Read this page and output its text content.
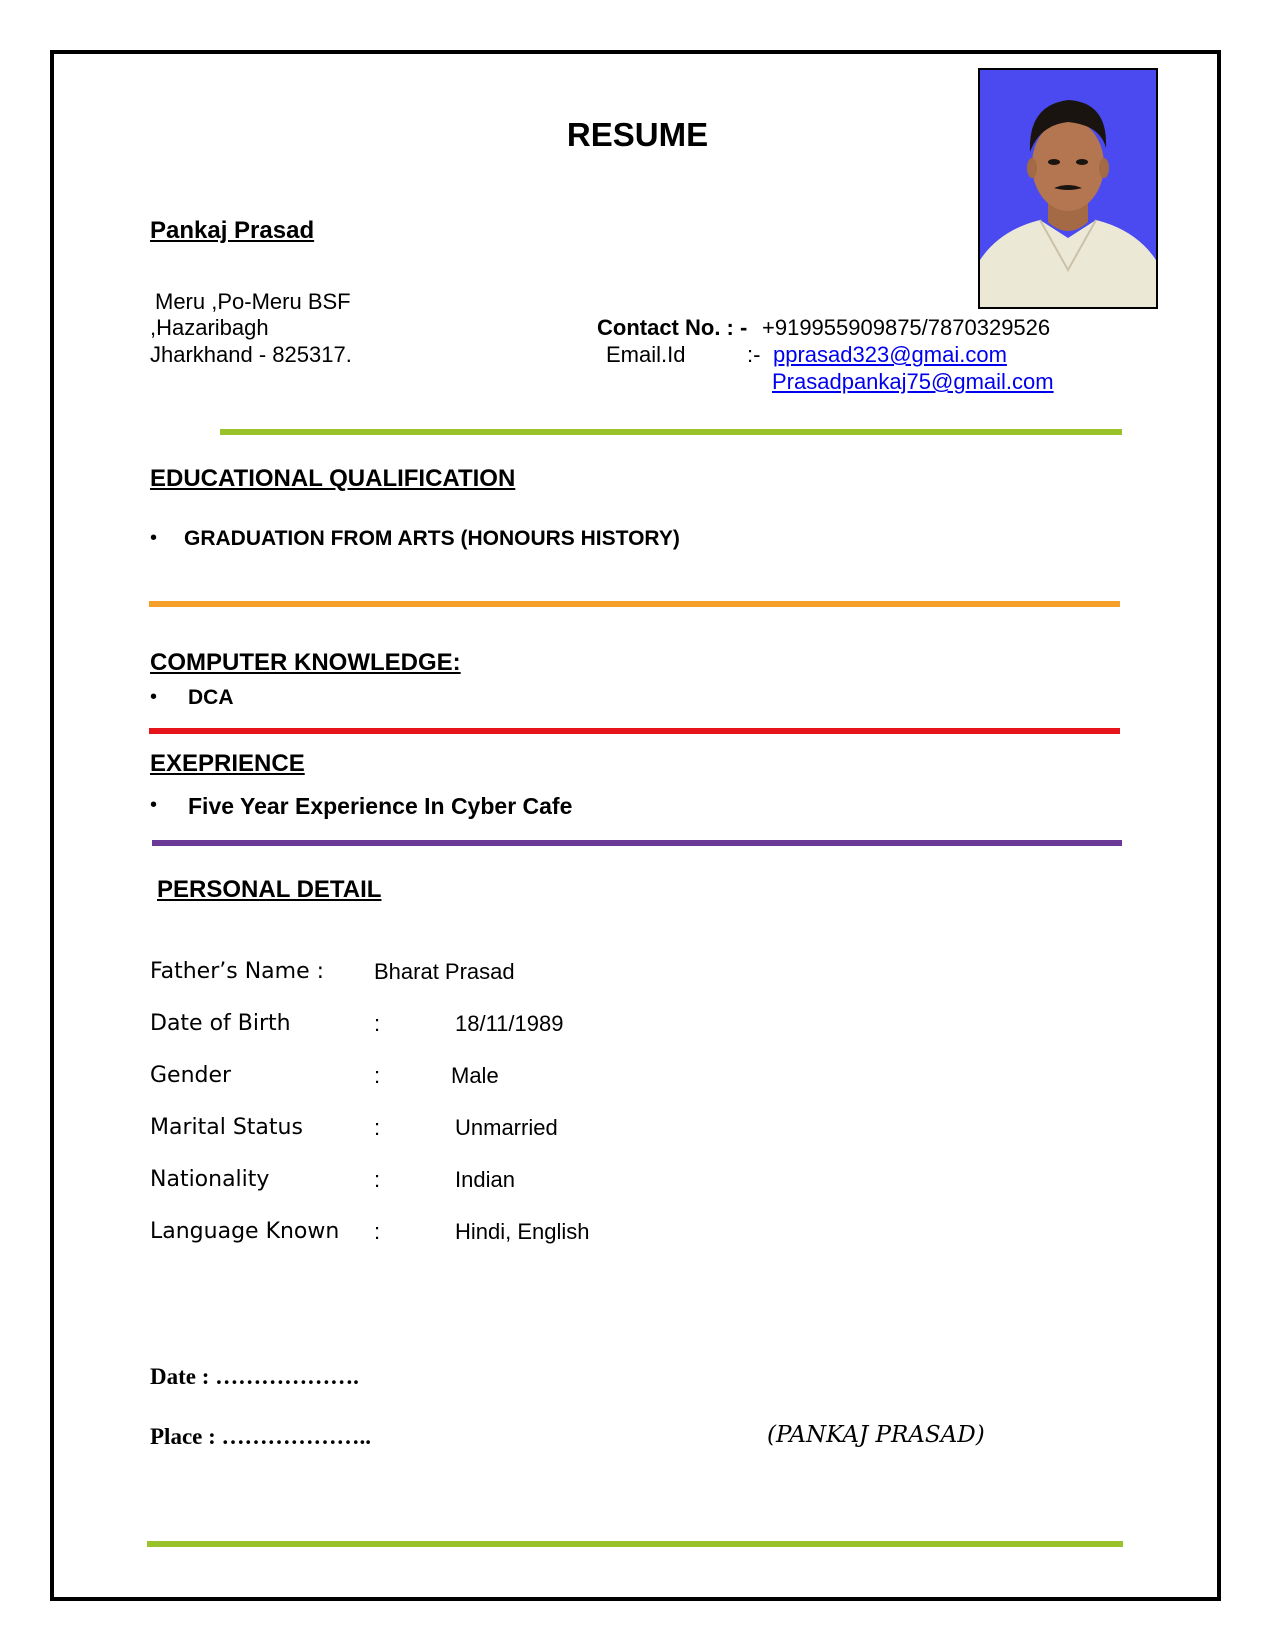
RESUME
Pankaj Prasad
Meru ,Po-Meru BSF
,Hazaribagh
Jharkhand - 825317.
Contact No. : - +919955909875/7870329526
Email.Id	:- pprasad323@gmai.com
Prasadpankaj75@gmail.com
EDUCATIONAL QUALIFICATION
• GRADUATION FROM ARTS (HONOURS HISTORY)
COMPUTER KNOWLEDGE:
• DCA
EXEPRIENCE
• Five Year Experience In Cyber Cafe
PERSONAL DETAIL
Father’s Name : Bharat Prasad
Date of Birth	:	18/11/1989
Gender	:	Male
Marital Status	:	Unmarried
Nationality	:	Indian
Language Known :	Hindi, English
Date : ……………….
Place : ………………..	(PANKAJ PRASAD)
